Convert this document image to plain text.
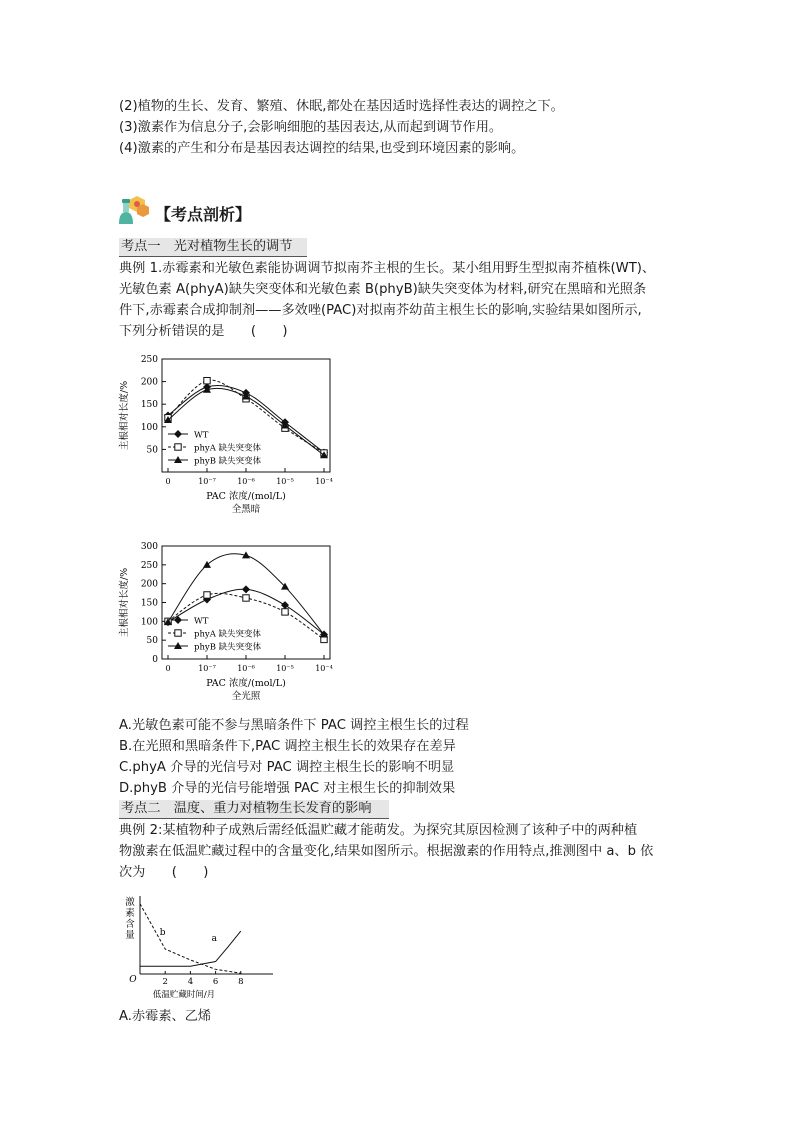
(2)植物的生长、发育、繁殖、休眠,都处在基因适时选择性表达的调控之下。
(3)激素作为信息分子,会影响细胞的基因表达,从而起到调节作用。
(4)激素的产生和分布是基因表达调控的结果,也受到环境因素的影响。
【考点剖析】
考点一　光对植物生长的调节
典例 1.赤霉素和光敏色素能协调调节拟南芥主根的生长。某小组用野生型拟南芥植株(WT)、
光敏色素 A(phyA)缺失突变体和光敏色素 B(phyB)缺失突变体为材料,研究在黑暗和光照条
件下,赤霉素合成抑制剂——多效唑(PAC)对拟南芥幼苗主根生长的影响,实验结果如图所示,
下列分析错误的是　　(　　)
50
100
150
200
250
0	10⁻⁷	10⁻⁶	10⁻⁵	10⁻⁴
主根相对长度/%
PAC 浓度/(mol/L)
全黑暗
WT
phyA 缺失突变体
phyB 缺失突变体
0
50
100
150
200
250
300
0	10⁻⁷	10⁻⁶	10⁻⁵	10⁻⁴
主根相对长度/%
PAC 浓度/(mol/L)
全光照
WT
phyA 缺失突变体
phyB 缺失突变体
A.光敏色素可能不参与黑暗条件下 PAC 调控主根生长的过程
B.在光照和黑暗条件下,PAC 调控主根生长的效果存在差异
C.phyA 介导的光信号对 PAC 调控主根生长的影响不明显
D.phyB 介导的光信号能增强 PAC 对主根生长的抑制效果
考点二　温度、重力对植物生长发育的影响
典例 2:某植物种子成熟后需经低温贮藏才能萌发。为探究其原因检测了该种子中的两种植
物激素在低温贮藏过程中的含量变化,结果如图所示。根据激素的作用特点,推测图中 a、b 依
次为　　(　　)
O	2 4 6 8
低温贮藏时间/月
激
素
含
量	a
b
A.赤霉素、乙烯
